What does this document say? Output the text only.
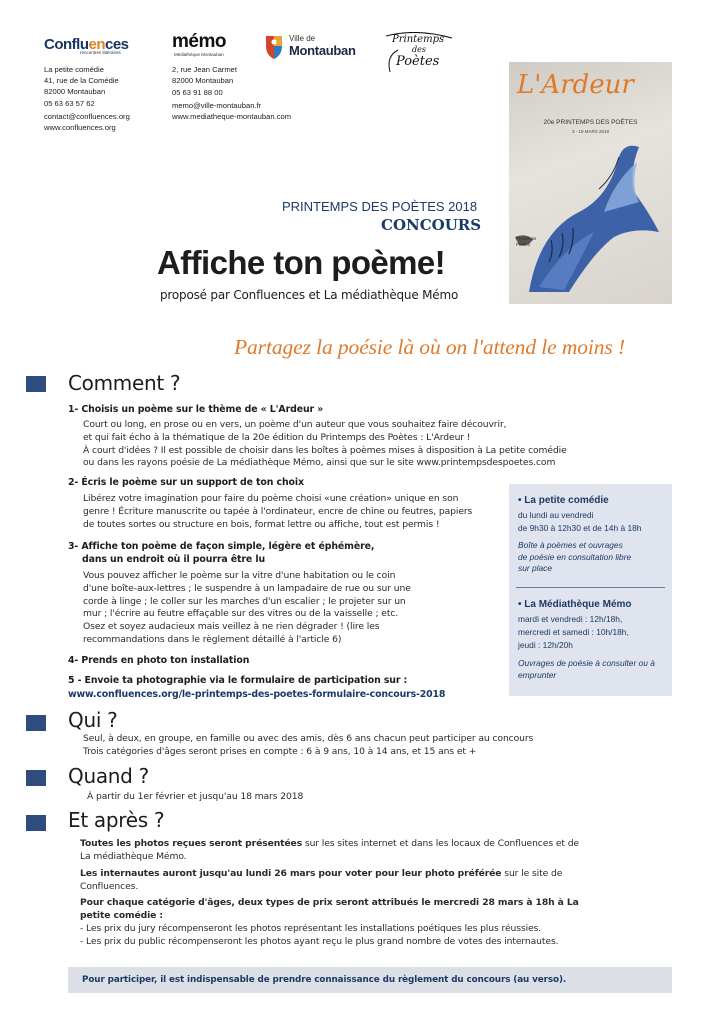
Confluences
rencontres littéraires
La petite comédie
41, rue de la Comédie
82000 Montauban
05 63 63 57 62
contact@confluences.org
www.confluences.org
mémo
Médiathèque Montauban
2, rue Jean Carmet
82000 Montauban
05 63 91 88 00
memo@ville-montauban.fr
www.mediatheque-montauban.com
Ville de
Montauban
Printemps
des
Poètes
L'Ardeur
20e PRINTEMPS DES POÈTES
3 - 19 MARS 2018
Printemps
Poètes
PRINTEMPS DES POÈTES 2018
CONCOURS
Affiche ton poème!
proposé par Confluences et La médiathèque Mémo
Partagez la poésie là où on l'attend le moins !
Comment ?
1- Choisis un poème sur le thème de « L'Ardeur »
Court ou long, en prose ou en vers, un poème d'un auteur que vous souhaitez faire découvrir,
et qui fait écho à la thématique de la 20e édition du Printemps des Poètes : L'Ardeur !
À court d'idées ? Il est possible de choisir dans les boîtes à poèmes mises à disposition à La petite comédie
ou dans les rayons poésie de La médiathèque Mémo, ainsi que sur le site www.printempsdespoetes.com
2- Écris le poème sur un support de ton choix
Libérez votre imagination pour faire du poème choisi «une création» unique en son
genre ! Écriture manuscrite ou tapée à l'ordinateur, encre de chine ou feutres, papiers
de toutes sortes ou structure en bois, format lettre ou affiche, tout est permis !
3- Affiche ton poème de façon simple, légère et éphémère,
dans un endroit où il pourra être lu
Vous pouvez afficher le poème sur la vitre d'une habitation ou le coin
d'une boîte-aux-lettres ; le suspendre à un lampadaire de rue ou sur une
corde à linge ; le coller sur les marches d'un escalier ; le projeter sur un
mur ; l'écrire au feutre effaçable sur des vitres ou de la vaisselle ; etc.
Osez et soyez audacieux mais veillez à ne rien dégrader ! (lire les
recommandations dans le règlement détaillé à l'article 6)
4- Prends en photo ton installation
5 - Envoie ta photographie via le formulaire de participation sur :
www.confluences.org/le-printemps-des-poetes-formulaire-concours-2018
• La petite comédie
du lundi au vendredi
de 9h30 à 12h30 et de 14h à 18h
Boîte à poèmes et ouvrages
de poésie en consultation libre
sur place
• La Médiathèque Mémo
mardi et vendredi : 12h/18h,
mercredi et samedi : 10h/18h,
jeudi : 12h/20h
Ouvrages de poésie à consulter ou à
emprunter
Qui ?
Seul, à deux, en groupe, en famille ou avec des amis, dès 6 ans chacun peut participer au concours
Trois catégories d'âges seront prises en compte : 6 à 9 ans, 10 à 14 ans, et 15 ans et +
Quand ?
À partir du 1er février et jusqu'au 18 mars 2018
Et après ?
Toutes les photos reçues seront présentées sur les sites internet et dans les locaux de Confluences et de
La médiathèque Mémo.
Les internautes auront jusqu'au lundi 26 mars pour voter pour leur photo préférée sur le site de
Confluences.
Pour chaque catégorie d'âges, deux types de prix seront attribués le mercredi 28 mars à 18h à La
petite comédie :
- Les prix du jury récompenseront les photos représentant les installations poétiques les plus réussies.
- Les prix du public récompenseront les photos ayant reçu le plus grand nombre de votes des internautes.
Pour participer, il est indispensable de prendre connaissance du règlement du concours (au verso).
